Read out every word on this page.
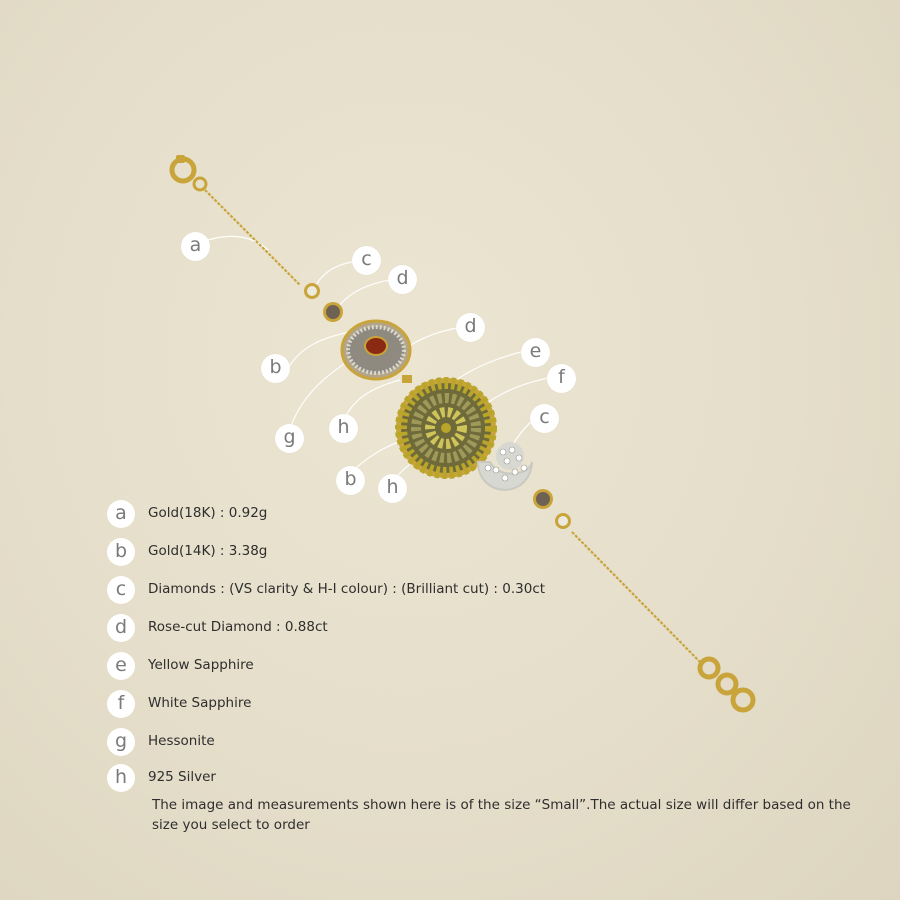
a
c
d
b
d
e
g	h
f
c
b	h
a	Gold(18K) : 0.92g
b	Gold(14K) : 3.38g
c	Diamonds : (VS clarity & H-I colour) : (Brilliant cut) : 0.30ct
d	Rose-cut Diamond : 0.88ct
e	Yellow Sapphire
f	White Sapphire
g	Hessonite
h	925 Silver
The image and measurements shown here is of the size “Small”.The actual size will differ based on the size you select to order
